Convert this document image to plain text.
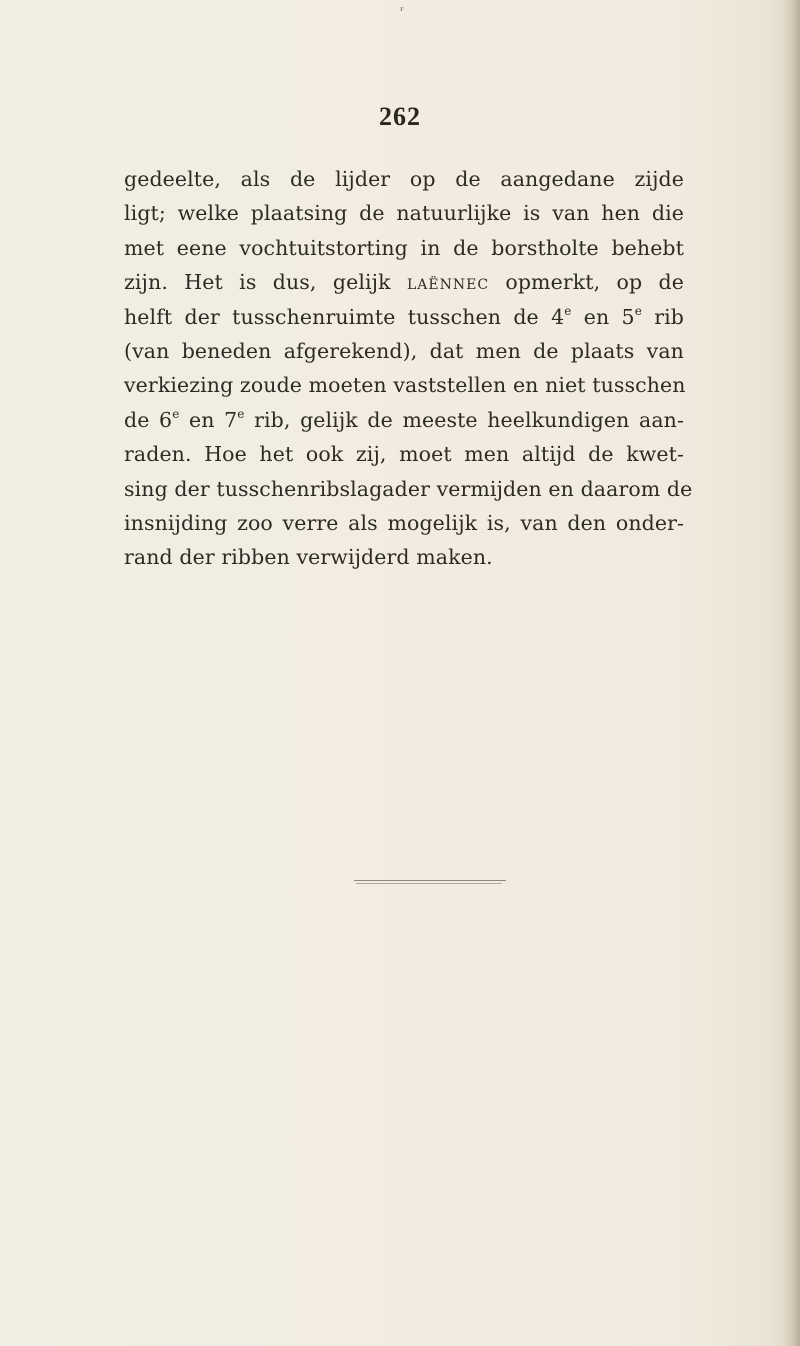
ʳ
262
gedeelte, als de lijder op de aangedane zijde
ligt; welke plaatsing de natuurlijke is van hen die
met eene vochtuitstorting in de borstholte behebt
zijn. Het is dus, gelijk laënnec opmerkt, op de
helft der tusschenruimte tusschen de 4e en 5e rib
(van beneden afgerekend), dat men de plaats van
verkiezing zoude moeten vaststellen en niet tusschen
de 6e en 7e rib, gelijk de meeste heelkundigen aan-
raden. Hoe het ook zij, moet men altijd de kwet-
sing der tusschenribslagader vermijden en daarom de
insnijding zoo verre als mogelijk is, van den onder-
rand der ribben verwijderd maken.
